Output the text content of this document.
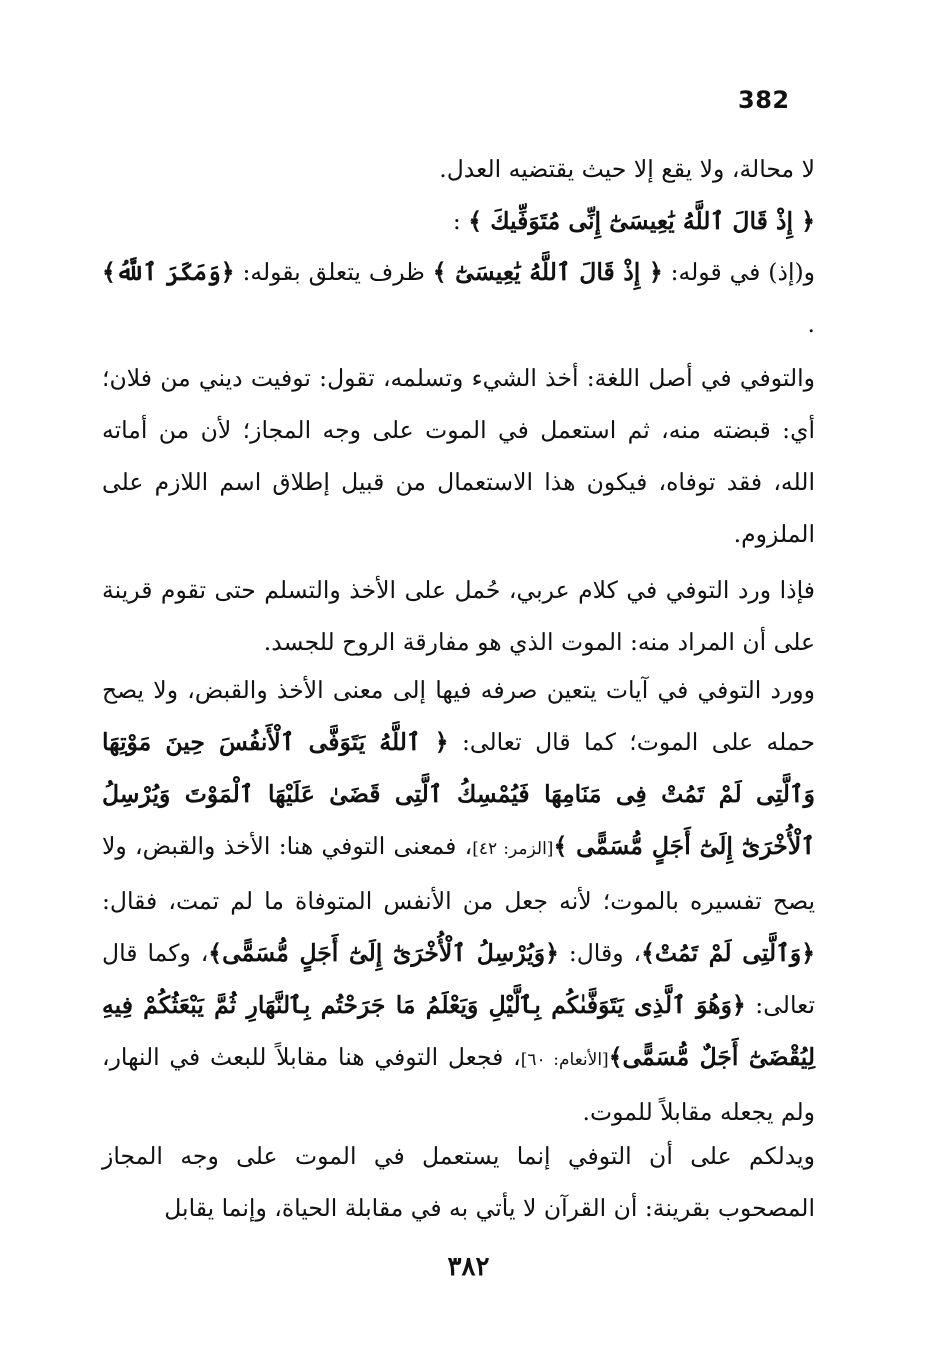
382
لا محالة، ولا يقع إلا حيث يقتضيه العدل.
﴿ إِذْ قَالَ ٱللَّهُ يَٰعِيسَىٰٓ إِنِّى مُتَوَفِّيكَ ﴾ :
و(إذ) في قوله: ﴿ إِذْ قَالَ ٱللَّهُ يَٰعِيسَىٰٓ ﴾ ظرف يتعلق بقوله: ﴿وَمَكَرَ ٱللَّهُ﴾ .
والتوفي في أصل اللغة: أخذ الشيء وتسلمه، تقول: توفيت ديني من فلان؛ أي: قبضته منه، ثم استعمل في الموت على وجه المجاز؛ لأن من أماته الله، فقد توفاه، فيكون هذا الاستعمال من قبيل إطلاق اسم اللازم على الملزوم.
فإذا ورد التوفي في كلام عربي، حُمل على الأخذ والتسلم حتى تقوم قرينة على أن المراد منه: الموت الذي هو مفارقة الروح للجسد.
وورد التوفي في آيات يتعين صرفه فيها إلى معنى الأخذ والقبض، ولا يصح حمله على الموت؛ كما قال تعالى: ﴿ ٱللَّهُ يَتَوَفَّى ٱلْأَنفُسَ حِينَ مَوْتِهَا وَٱلَّتِى لَمْ تَمُتْ فِى مَنَامِهَا فَيُمْسِكُ ٱلَّتِى قَضَىٰ عَلَيْهَا ٱلْمَوْتَ وَيُرْسِلُ ٱلْأُخْرَىٰٓ إِلَىٰٓ أَجَلٍ مُّسَمًّى ﴾[الزمر: ٤٢]، فمعنى التوفي هنا: الأخذ والقبض، ولا يصح تفسيره بالموت؛ لأنه جعل من الأنفس المتوفاة ما لم تمت، فقال: ﴿وَٱلَّتِى لَمْ تَمُتْ﴾، وقال: ﴿وَيُرْسِلُ ٱلْأُخْرَىٰٓ إِلَىٰٓ أَجَلٍ مُّسَمًّى﴾، وكما قال تعالى: ﴿وَهُوَ ٱلَّذِى يَتَوَفَّىٰكُم بِٱلَّيْلِ وَيَعْلَمُ مَا جَرَحْتُم بِٱلنَّهَارِ ثُمَّ يَبْعَثُكُمْ فِيهِ لِيُقْضَىٰٓ أَجَلٌ مُّسَمًّى﴾[الأنعام: ٦٠]، فجعل التوفي هنا مقابلاً للبعث في النهار، ولم يجعله مقابلاً للموت.
ويدلكم على أن التوفي إنما يستعمل في الموت على وجه المجاز المصحوب بقرينة: أن القرآن لا يأتي به في مقابلة الحياة، وإنما يقابل
٣٨٢
